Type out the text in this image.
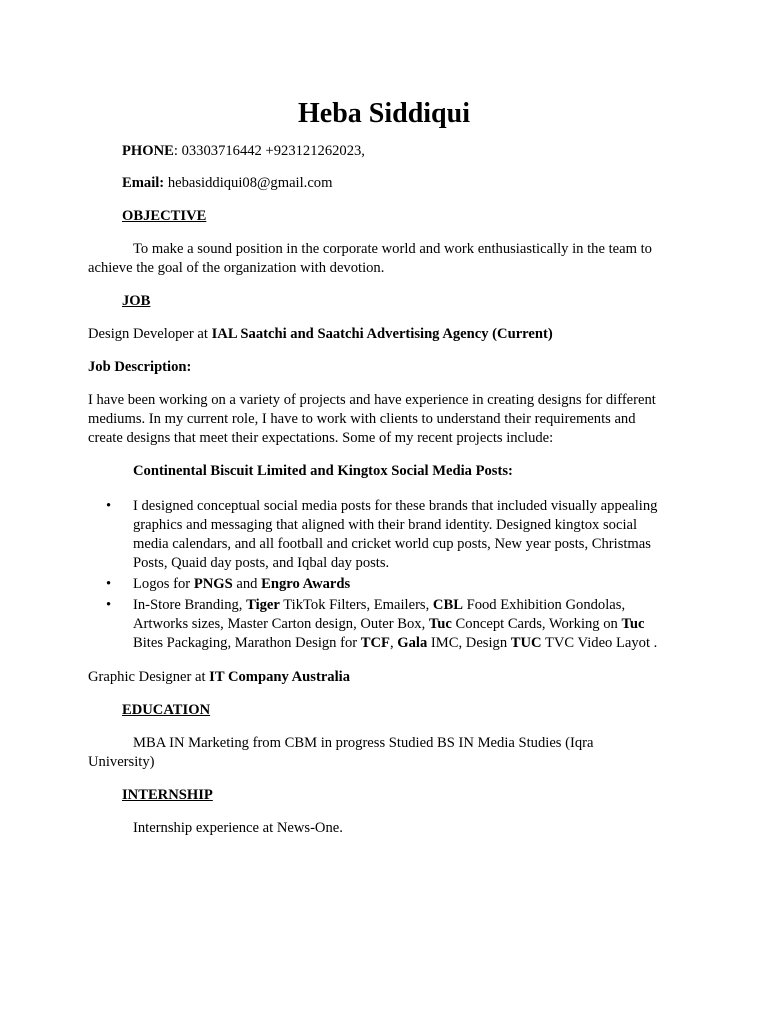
Heba Siddiqui
PHONE: 03303716442 +923121262023,
Email: hebasiddiqui08@gmail.com
OBJECTIVE
To make a sound position in the corporate world and work enthusiastically in the team to
achieve the goal of the organization with devotion.
JOB
Design Developer at IAL Saatchi and Saatchi Advertising Agency (Current)
Job Description:
I have been working on a variety of projects and have experience in creating designs for different
mediums. In my current role, I have to work with clients to understand their requirements and
create designs that meet their expectations. Some of my recent projects include:
Continental Biscuit Limited and Kingtox Social Media Posts:
• I designed conceptual social media posts for these brands that included visually appealing
graphics and messaging that aligned with their brand identity. Designed kingtox social
media calendars, and all football and cricket world cup posts, New year posts, Christmas
Posts, Quaid day posts, and Iqbal day posts.
• Logos for PNGS and Engro Awards
• In-Store Branding, Tiger TikTok Filters, Emailers, CBL Food Exhibition Gondolas,
Artworks sizes, Master Carton design, Outer Box, Tuc Concept Cards, Working on Tuc
Bites Packaging, Marathon Design for TCF, Gala IMC, Design TUC TVC Video Layot .
Graphic Designer at IT Company Australia
EDUCATION
MBA IN Marketing from CBM in progress Studied BS IN Media Studies (Iqra
University)
INTERNSHIP
Internship experience at News-One.
